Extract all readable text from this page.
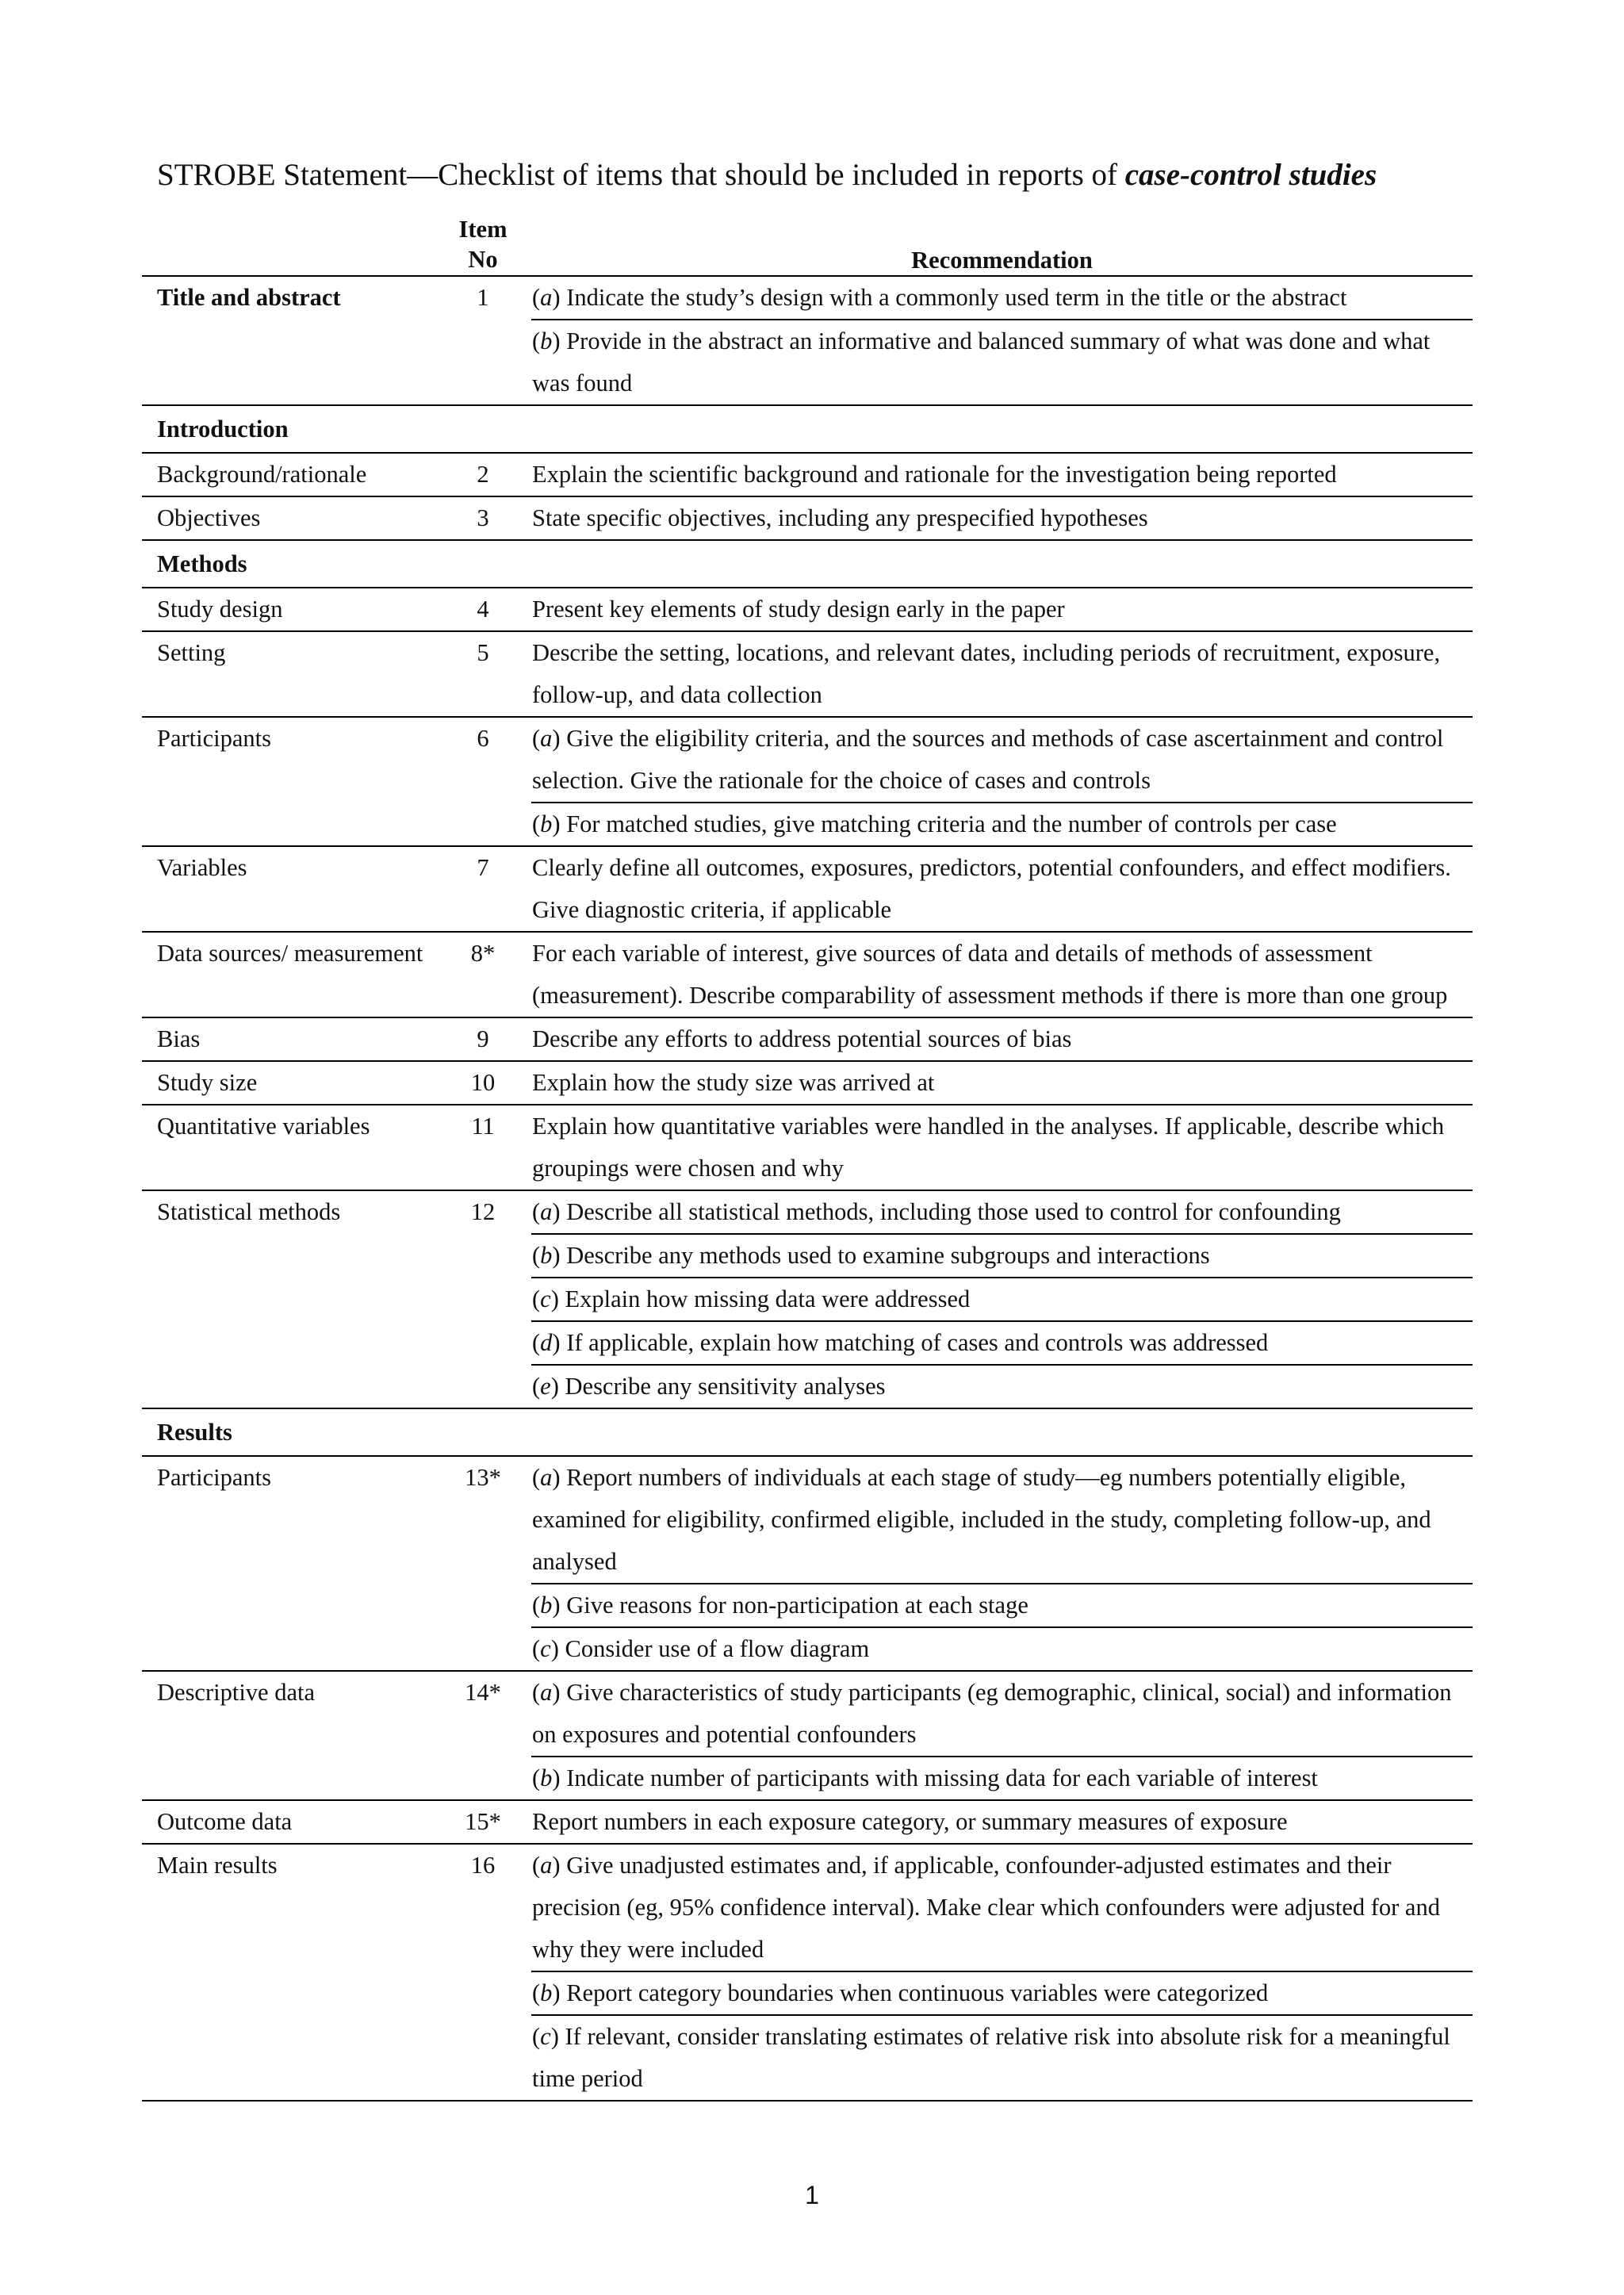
STROBE Statement—Checklist of items that should be included in reports of case-control studies
Item No	Recommendation
Title and abstract	1	(a) Indicate the study’s design with a commonly used term in the title or the abstract
(b) Provide in the abstract an informative and balanced summary of what was done and what was found
Introduction
Background/rationale	2	Explain the scientific background and rationale for the investigation being reported
Objectives	3	State specific objectives, including any prespecified hypotheses
Methods
Study design	4	Present key elements of study design early in the paper
Setting	5	Describe the setting, locations, and relevant dates, including periods of recruitment, exposure, follow-up, and data collection
Participants	6	(a) Give the eligibility criteria, and the sources and methods of case ascertainment and control selection. Give the rationale for the choice of cases and controls
(b) For matched studies, give matching criteria and the number of controls per case
Variables	7	Clearly define all outcomes, exposures, predictors, potential confounders, and effect modifiers. Give diagnostic criteria, if applicable
Data sources/ measurement	8*	For each variable of interest, give sources of data and details of methods of assessment (measurement). Describe comparability of assessment methods if there is more than one group
Bias	9	Describe any efforts to address potential sources of bias
Study size	10	Explain how the study size was arrived at
Quantitative variables	11	Explain how quantitative variables were handled in the analyses. If applicable, describe which groupings were chosen and why
Statistical methods	12	(a) Describe all statistical methods, including those used to control for confounding
(b) Describe any methods used to examine subgroups and interactions
(c) Explain how missing data were addressed
(d) If applicable, explain how matching of cases and controls was addressed
(e) Describe any sensitivity analyses
Results
Participants	13*	(a) Report numbers of individuals at each stage of study—eg numbers potentially eligible, examined for eligibility, confirmed eligible, included in the study, completing follow-up, and analysed
(b) Give reasons for non-participation at each stage
(c) Consider use of a flow diagram
Descriptive data	14*	(a) Give characteristics of study participants (eg demographic, clinical, social) and information on exposures and potential confounders
(b) Indicate number of participants with missing data for each variable of interest
Outcome data	15*	Report numbers in each exposure category, or summary measures of exposure
Main results	16	(a) Give unadjusted estimates and, if applicable, confounder-adjusted estimates and their precision (eg, 95% confidence interval). Make clear which confounders were adjusted for and why they were included
(b) Report category boundaries when continuous variables were categorized
(c) If relevant, consider translating estimates of relative risk into absolute risk for a meaningful time period
1
